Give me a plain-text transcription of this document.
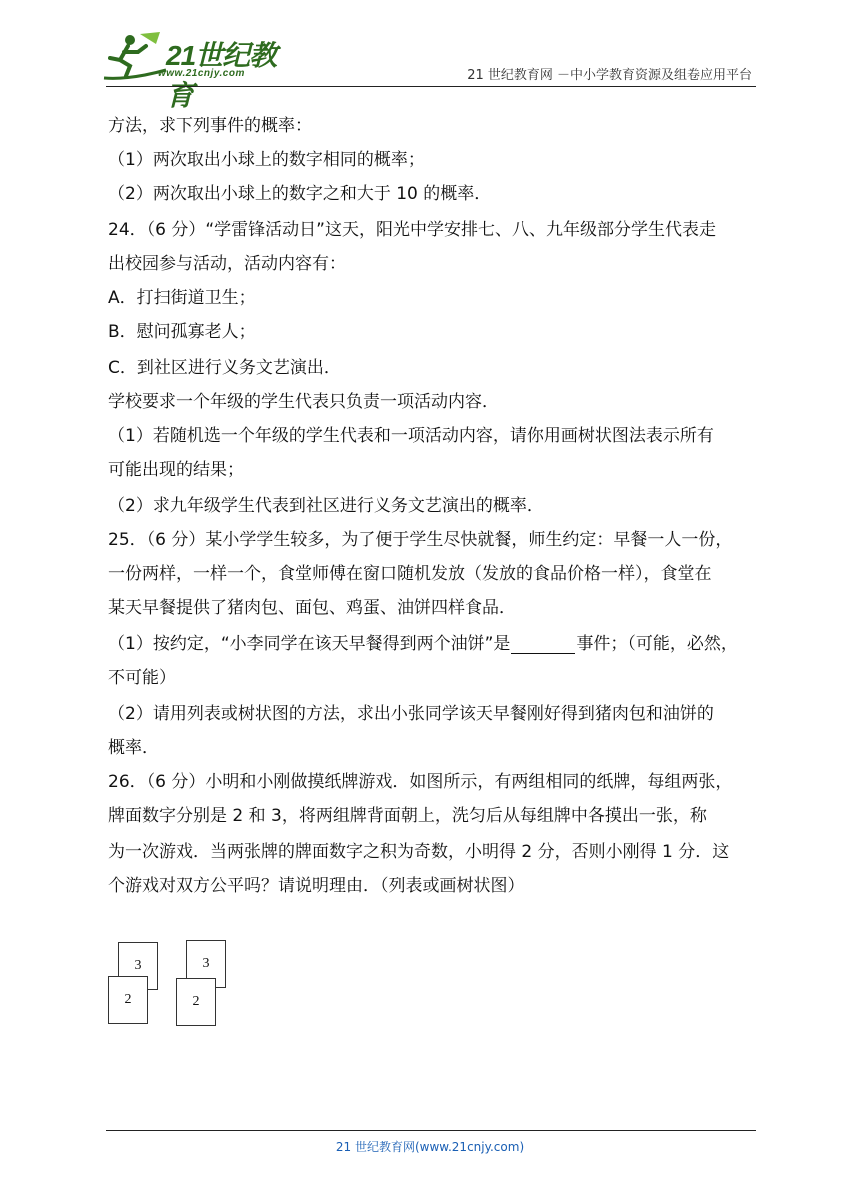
21世纪教育
www.21cnjy.com	21 世纪教育网 －中小学教育资源及组卷应用平台
方法，求下列事件的概率：
（1）两次取出小球上的数字相同的概率；
（2）两次取出小球上的数字之和大于 10 的概率．
24．（6 分）“学雷锋活动日”这天，阳光中学安排七、八、九年级部分学生代表走
出校园参与活动，活动内容有：
A．打扫街道卫生；
B．慰问孤寡老人；
C．到社区进行义务文艺演出．
学校要求一个年级的学生代表只负责一项活动内容．
（1）若随机选一个年级的学生代表和一项活动内容，请你用画树状图法表示所有
可能出现的结果；
（2）求九年级学生代表到社区进行义务文艺演出的概率．
25．（6 分）某小学学生较多，为了便于学生尽快就餐，师生约定：早餐一人一份，
一份两样，一样一个，食堂师傅在窗口随机发放（发放的食品价格一样），食堂在
某天早餐提供了猪肉包、面包、鸡蛋、油饼四样食品．
（1）按约定，“小李同学在该天早餐得到两个油饼”是	事件；（可能，必然，
不可能）
（2）请用列表或树状图的方法，求出小张同学该天早餐刚好得到猪肉包和油饼的
概率．
26．（6 分）小明和小刚做摸纸牌游戏．如图所示，有两组相同的纸牌，每组两张，
牌面数字分别是 2 和 3，将两组牌背面朝上，洗匀后从每组牌中各摸出一张，称
为一次游戏．当两张牌的牌面数字之积为奇数，小明得 2 分，否则小刚得 1 分．这
个游戏对双方公平吗？请说明理由．（列表或画树状图）
3
2
3
2
21 世纪教育网(www.21cnjy.com)
